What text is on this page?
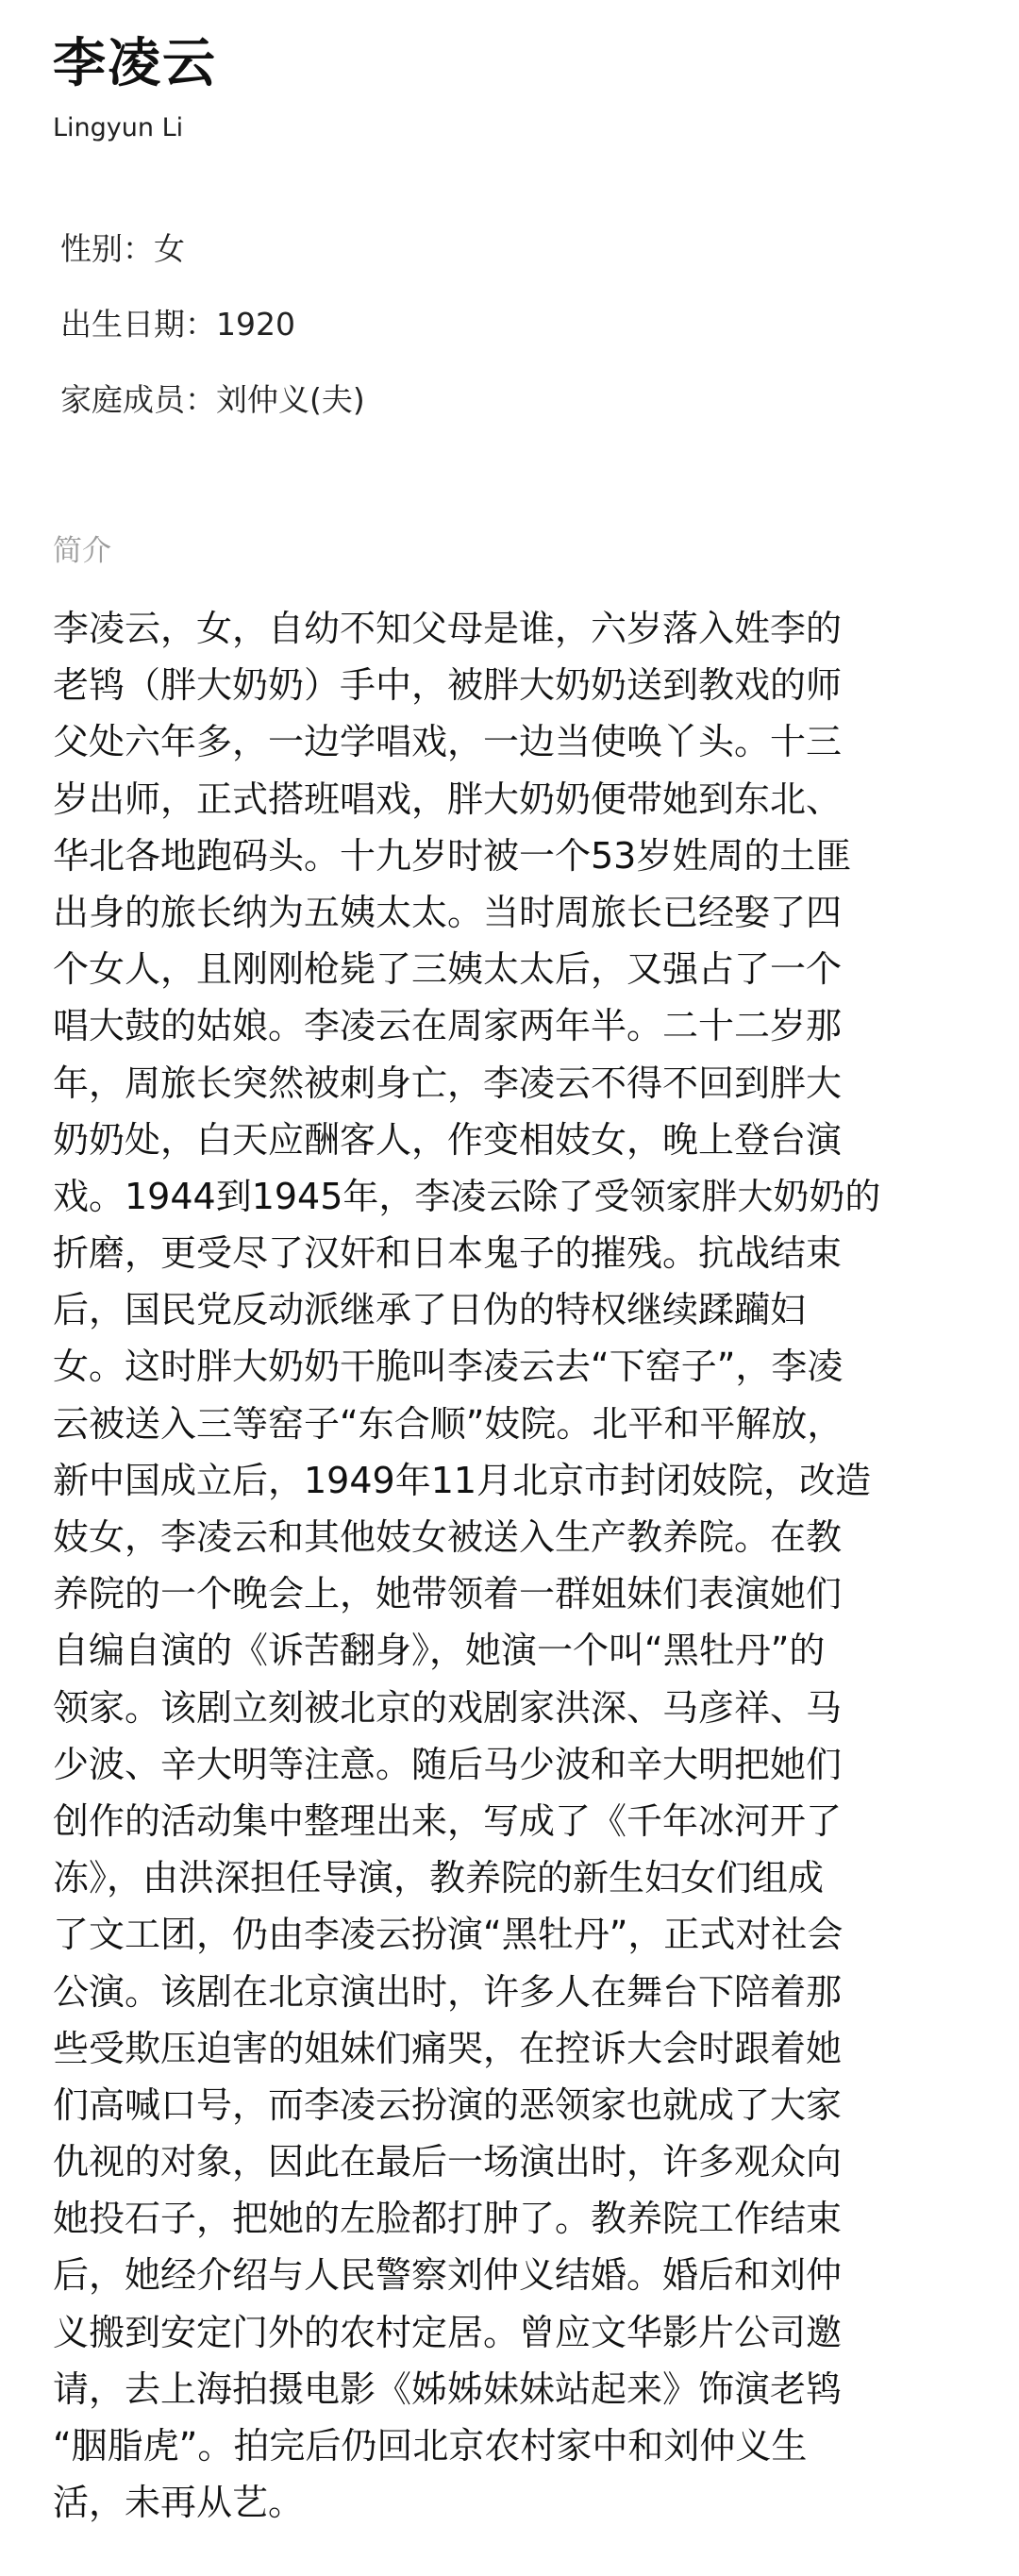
李凌云
Lingyun Li
性别：女
出生日期：1920
家庭成员：刘仲义(夫)
简介
李凌云，女，自幼不知父母是谁，六岁落入姓李的
老鸨（胖大奶奶）手中，被胖大奶奶送到教戏的师
父处六年多，一边学唱戏，一边当使唤丫头。十三
岁出师，正式搭班唱戏，胖大奶奶便带她到东北、
华北各地跑码头。十九岁时被一个53岁姓周的土匪
出身的旅长纳为五姨太太。当时周旅长已经娶了四
个女人，且刚刚枪毙了三姨太太后，又强占了一个
唱大鼓的姑娘。李凌云在周家两年半。二十二岁那
年，周旅长突然被刺身亡，李凌云不得不回到胖大
奶奶处，白天应酬客人，作变相妓女，晚上登台演
戏。1944到1945年，李凌云除了受领家胖大奶奶的
折磨，更受尽了汉奸和日本鬼子的摧残。抗战结束
后，国民党反动派继承了日伪的特权继续蹂躏妇
女。这时胖大奶奶干脆叫李凌云去“下窑子”，李凌
云被送入三等窑子“东合顺”妓院。北平和平解放，
新中国成立后，1949年11月北京市封闭妓院，改造
妓女，李凌云和其他妓女被送入生产教养院。在教
养院的一个晚会上，她带领着一群姐妹们表演她们
自编自演的《诉苦翻身》，她演一个叫“黑牡丹”的
领家。该剧立刻被北京的戏剧家洪深、马彦祥、马
少波、辛大明等注意。随后马少波和辛大明把她们
创作的活动集中整理出来，写成了《千年冰河开了
冻》，由洪深担任导演，教养院的新生妇女们组成
了文工团，仍由李凌云扮演“黑牡丹”，正式对社会
公演。该剧在北京演出时，许多人在舞台下陪着那
些受欺压迫害的姐妹们痛哭，在控诉大会时跟着她
们高喊口号，而李凌云扮演的恶领家也就成了大家
仇视的对象，因此在最后一场演出时，许多观众向
她投石子，把她的左脸都打肿了。教养院工作结束
后，她经介绍与人民警察刘仲义结婚。婚后和刘仲
义搬到安定门外的农村定居。曾应文华影片公司邀
请，去上海拍摄电影《姊姊妹妹站起来》饰演老鸨
“胭脂虎”。拍完后仍回北京农村家中和刘仲义生
活，未再从艺。
